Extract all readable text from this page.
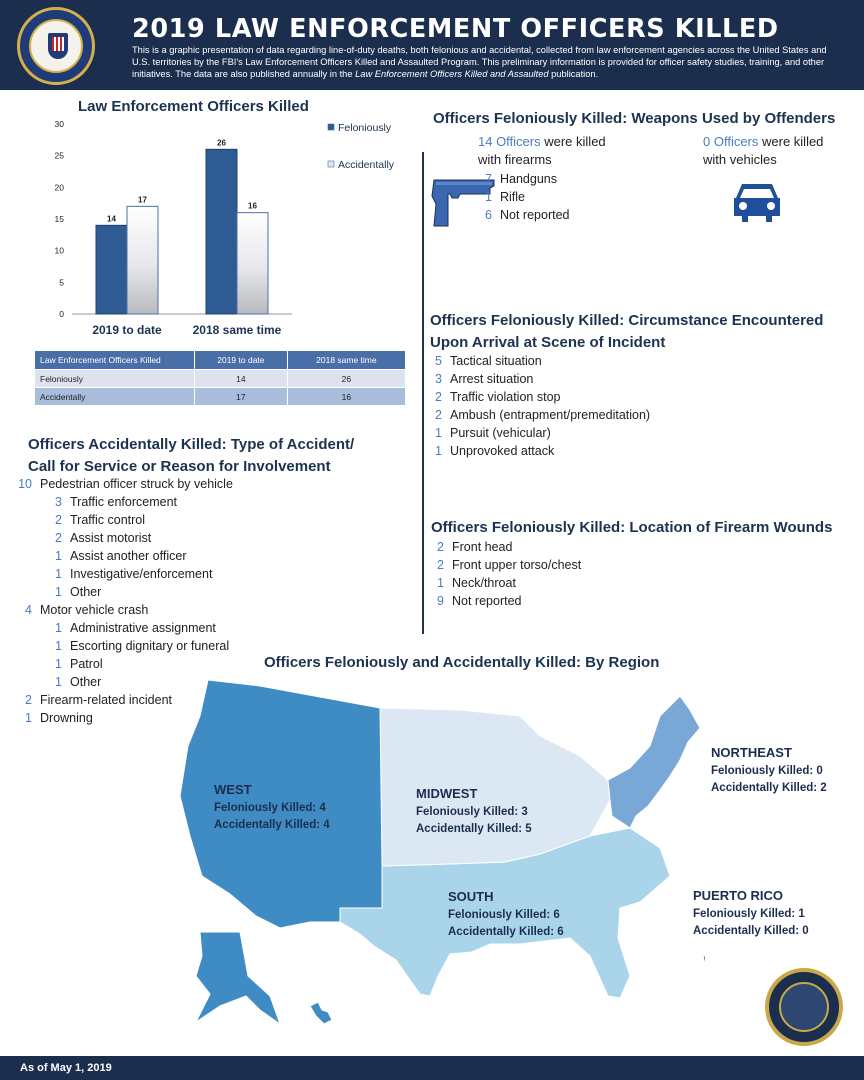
2019 LAW ENFORCEMENT OFFICERS KILLED
This is a graphic presentation of data regarding line-of-duty deaths, both felonious and accidental, collected from law enforcement agencies across the United States and U.S. territories by the FBI's Law Enforcement Officers Killed and Assaulted Program. This preliminary information is provided for officer safety studies, training, and other initiatives. The data are also published annually in the Law Enforcement Officers Killed and Assaulted publication.
Law Enforcement Officers Killed
0
5
10
15
20
25
30
14
17
2019 to date
26
16
2018 same time
Feloniously
Accidentally
Law Enforcement Officers Killed	2019 to date	2018 same time
Feloniously	14	26
Accidentally	17	16
Officers Accidentally Killed: Type of Accident/
Call for Service or Reason for Involvement
10 Pedestrian officer struck by vehicle
3 Traffic enforcement
2 Traffic control
2 Assist motorist
1 Assist another officer
1 Investigative/enforcement
1 Other
4 Motor vehicle crash
1 Administrative assignment
1 Escorting dignitary or funeral
1 Patrol
1 Other
2 Firearm-related incident
1 Drowning
Officers Feloniously Killed: Weapons Used by Offenders
14 Officers were killed
with firearms
7 Handguns
1 Rifle
6 Not reported
0 Officers were killed
with vehicles
Officers Feloniously Killed: Circumstance Encountered
Upon Arrival at Scene of Incident
5 Tactical situation
3 Arrest situation
2 Traffic violation stop
2 Ambush (entrapment/premeditation)
1 Pursuit (vehicular)
1 Unprovoked attack
Officers Feloniously Killed: Location of Firearm Wounds
2 Front head
2 Front upper torso/chest
1 Neck/throat
9 Not reported
Officers Feloniously and Accidentally Killed: By Region
WEST
Feloniously Killed: 4
Accidentally Killed: 4
MIDWEST
Feloniously Killed: 3
Accidentally Killed: 5
SOUTH
Feloniously Killed: 6
Accidentally Killed: 6
NORTHEAST
Feloniously Killed: 0
Accidentally Killed: 2
PUERTO RICO
Feloniously Killed: 1
Accidentally Killed: 0
As of May 1, 2019
